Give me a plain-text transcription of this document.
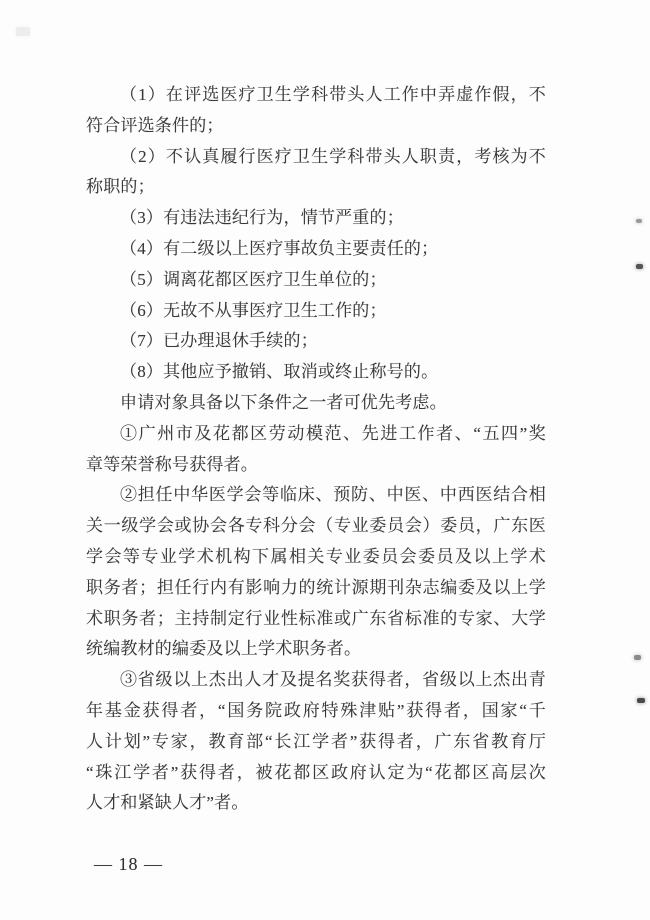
（1）在评选医疗卫生学科带头人工作中弄虚作假，不
符合评选条件的；
（2）不认真履行医疗卫生学科带头人职责，考核为不
称职的；
（3）有违法违纪行为，情节严重的；
（4）有二级以上医疗事故负主要责任的；
（5）调离花都区医疗卫生单位的；
（6）无故不从事医疗卫生工作的；
（7）已办理退休手续的；
（8）其他应予撤销、取消或终止称号的。
申请对象具备以下条件之一者可优先考虑。
①广州市及花都区劳动模范、先进工作者、“五四”奖
章等荣誉称号获得者。
②担任中华医学会等临床、预防、中医、中西医结合相
关一级学会或协会各专科分会（专业委员会）委员，广东医
学会等专业学术机构下属相关专业委员会委员及以上学术
职务者；担任行内有影响力的统计源期刊杂志编委及以上学
术职务者；主持制定行业性标准或广东省标准的专家、大学
统编教材的编委及以上学术职务者。
③省级以上杰出人才及提名奖获得者，省级以上杰出青
年基金获得者，“国务院政府特殊津贴”获得者，国家“千
人计划”专家，教育部“长江学者”获得者，广东省教育厅
“珠江学者”获得者，被花都区政府认定为“花都区高层次
人才和紧缺人才”者。
— 18 —
